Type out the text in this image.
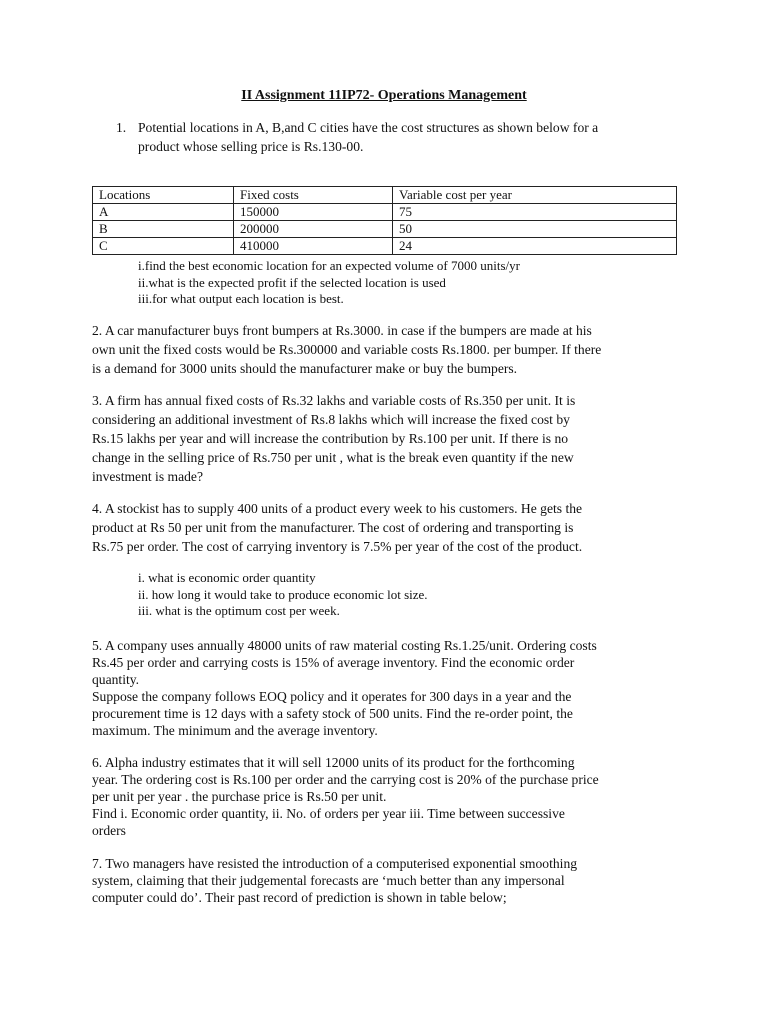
II Assignment 11IP72- Operations Management
1. Potential locations in A, B,and C cities have the cost structures as shown below for a
product whose selling price is Rs.130-00.
Locations	Fixed costs	Variable cost per year
A	150000	75
B	200000	50
C	410000	24
i.find the best economic location for an expected volume of 7000 units/yr
ii.what is the expected profit if the selected location is used
iii.for what output each location is best.
2. A car manufacturer buys front bumpers at Rs.3000. in case if the bumpers are made at his
own unit the fixed costs would be Rs.300000 and variable costs Rs.1800. per bumper. If there
is a demand for 3000 units should the manufacturer make or buy the bumpers.
3. A firm has annual fixed costs of Rs.32 lakhs and variable costs of Rs.350 per unit. It is
considering an additional investment of Rs.8 lakhs which will increase the fixed cost by
Rs.15 lakhs per year and will increase the contribution by Rs.100 per unit. If there is no
change in the selling price of Rs.750 per unit , what is the break even quantity if the new
investment is made?
4. A stockist has to supply 400 units of a product every week to his customers. He gets the
product at Rs 50 per unit from the manufacturer. The cost of ordering and transporting is
Rs.75 per order. The cost of carrying inventory is 7.5% per year of the cost of the product.
i. what is economic order quantity
ii. how long it would take to produce economic lot size.
iii. what is the optimum cost per week.
5. A company uses annually 48000 units of raw material costing Rs.1.25/unit. Ordering costs
Rs.45 per order and carrying costs is 15% of average inventory. Find the economic order
quantity.
Suppose the company follows EOQ policy and it operates for 300 days in a year and the
procurement time is 12 days with a safety stock of 500 units. Find the re-order point, the
maximum. The minimum and the average inventory.
6. Alpha industry estimates that it will sell 12000 units of its product for the forthcoming
year. The ordering cost is Rs.100 per order and the carrying cost is 20% of the purchase price
per unit per year . the purchase price is Rs.50 per unit.
Find i. Economic order quantity, ii. No. of orders per year iii. Time between successive
orders
7. Two managers have resisted the introduction of a computerised exponential smoothing
system, claiming that their judgemental forecasts are ‘much better than any impersonal
computer could do’. Their past record of prediction is shown in table below;
